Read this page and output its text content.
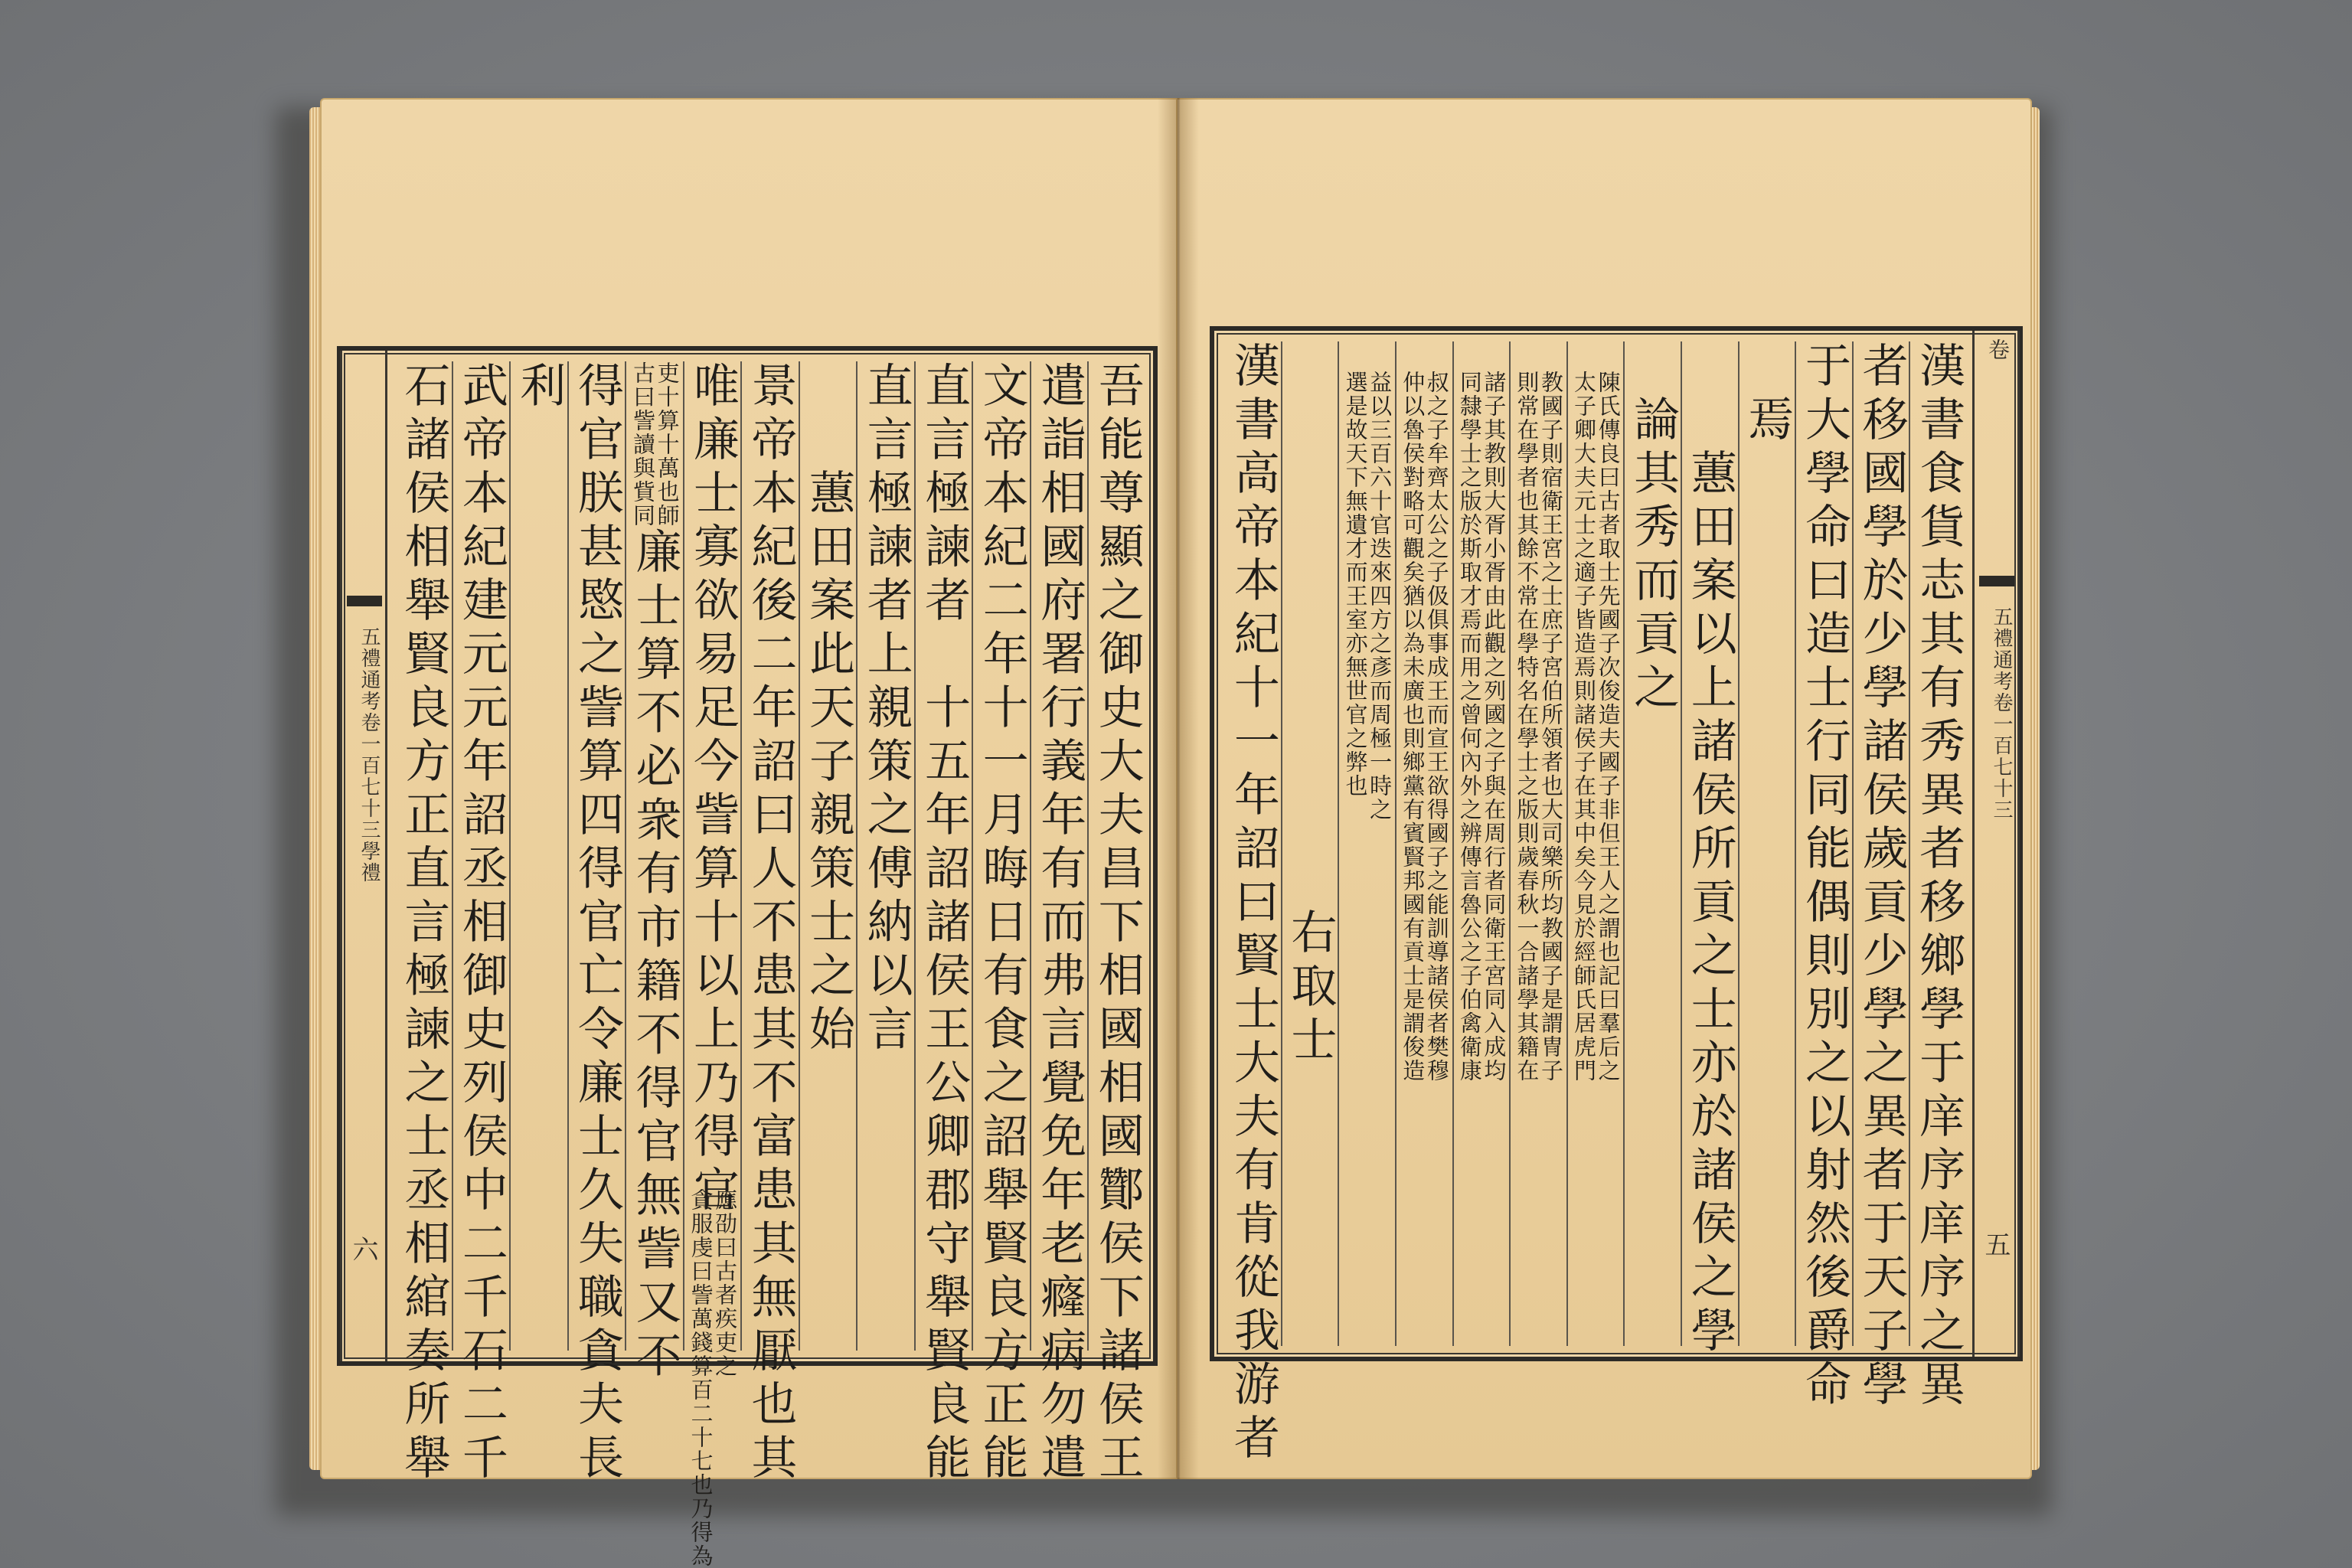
卷
五禮通考卷一百七十三
五
漢書食貨志其有秀異者移鄉學于庠序庠序之異
者移國學於少學諸侯歲貢少學之異者于天子學
于大學命曰造士行同能偶則別之以射然後爵命
焉
蕙田案以上諸侯所貢之士亦於諸侯之學
論其秀而貢之
陳氏傳良曰古者取士先國子次俊造夫國子非但王人之謂也記曰羣后之
太子卿大夫元士之適子皆造焉則諸侯子在其中矣今見於經師氏居虎門
教國子則宿衛王宮之士庶子宮伯所領者也大司樂所均教國子是謂冑子
則常在學者也其餘不常在學特名在學士之版則歲春秋一合諸學其籍在
諸子其教則大胥小胥由此觀之列國之子與在周行者同衛王宮同入成均
同隸學士之版於斯取才焉而用之曾何內外之辨傳言魯公之子伯禽衛康
叔之子牟齊太公之子伋俱事成王而宣王欲得國子之能訓導諸侯者樊穆
仲以魯侯對略可觀矣猶以為未廣也則鄉黨有賓賢邦國有貢士是謂俊造
益以三百六十官迭來四方之彥而周極一時之
選是故天下無遺才而王室亦無世官之弊也
右取士
漢書高帝本紀十一年詔曰賢士大夫有肯從我游者
五禮通考卷一百七十三學禮
六	吾能尊顯之御史大夫昌下相國相國酇侯下諸侯王
遣詣相國府署行義年有而弗言覺免年老癃病勿遣
文帝本紀二年十一月晦日有食之詔舉賢良方正能
直言極諫者　十五年詔諸侯王公卿郡守舉賢良能
直言極諫者上親策之傅納以言
蕙田案此天子親策士之始
景帝本紀後二年詔曰人不患其不富患其無厭也其
唯廉士寡欲易足今訾算十以上乃得官
應劭曰古者疾吏之
貪服虔曰訾萬錢算百二十七也乃得為
吏十算十萬也師
古曰訾讀與貲同
廉士算不必衆有市籍不得官無訾又不
得官朕甚愍之訾算四得官亡令廉士久失職貪夫長
利
武帝本紀建元元年詔丞相御史列侯中二千石二千
石諸侯相舉賢良方正直言極諫之士丞相綰奏所舉
